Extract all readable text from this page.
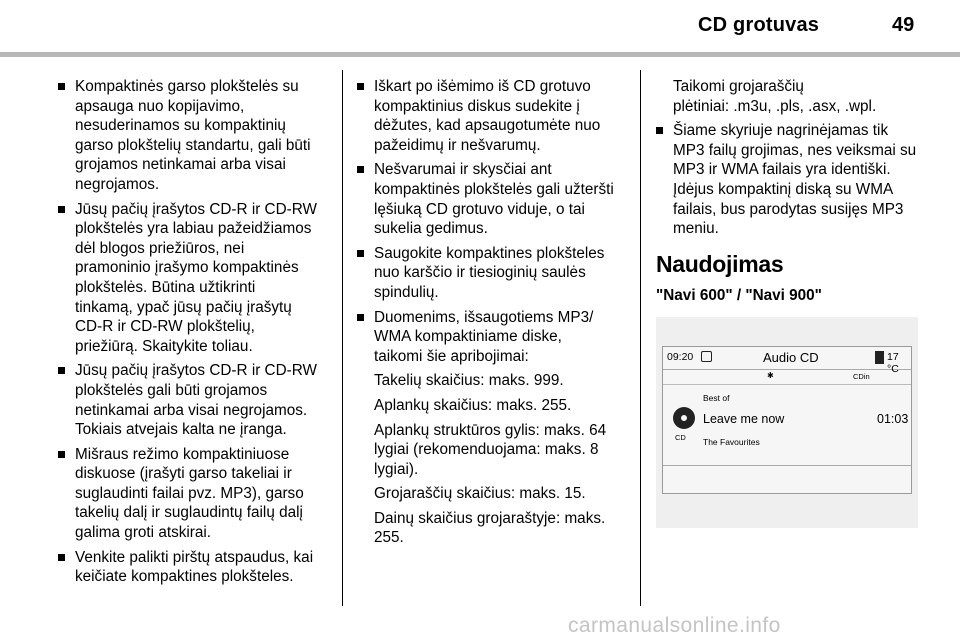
CD grotuvas	49
Kompaktinės garso plokštelės su
apsauga nuo kopijavimo,
nesuderinamos su kompaktinių
garso plokštelių standartu, gali būti
grojamos netinkamai arba visai
negrojamos.
Jūsų pačių įrašytos CD-R ir CD-RW
plokštelės yra labiau pažeidžiamos
dėl blogos priežiūros, nei
pramoninio įrašymo kompaktinės
plokštelės. Būtina užtikrinti
tinkamą, ypač jūsų pačių įrašytų
CD-R ir CD-RW plokštelių,
priežiūrą. Skaitykite toliau.
Jūsų pačių įrašytos CD-R ir CD-RW
plokštelės gali būti grojamos
netinkamai arba visai negrojamos.
Tokiais atvejais kalta ne įranga.
Mišraus režimo kompaktiniuose
diskuose (įrašyti garso takeliai ir
suglaudinti failai pvz. MP3), garso
takelių dalį ir suglaudintų failų dalį
galima groti atskirai.
Venkite palikti pirštų atspaudus, kai
keičiate kompaktines plokšteles.
Iškart po išėmimo iš CD grotuvo
kompaktinius diskus sudekite į
dėžutes, kad apsaugotumėte nuo
pažeidimų ir nešvarumų.
Nešvarumai ir skysčiai ant
kompaktinės plokštelės gali užteršti
lęšiuką CD grotuvo viduje, o tai
sukelia gedimus.
Saugokite kompaktines plokšteles
nuo karščio ir tiesioginių saulės
spindulių.
Duomenims, išsaugotiems MP3/
WMA kompaktiniame diske,
taikomi šie apribojimai:
Takelių skaičius: maks. 999.
Aplankų skaičius: maks. 255.
Aplankų struktūros gylis: maks. 64
lygiai (rekomenduojama: maks. 8
lygiai).
Grojaraščių skaičius: maks. 15.
Dainų skaičius grojaraštyje: maks.
255.
Taikomi grojaraščių
plėtiniai: .m3u, .pls, .asx, .wpl.
Šiame skyriuje nagrinėjamas tik
MP3 failų grojimas, nes veiksmai su
MP3 ir WMA failais yra identiški.
Įdėjus kompaktinį diską su WMA
failais, bus parodytas susijęs MP3
meniu.
Naudojimas
"Navi 600" / "Navi 900"
09:20	Audio CD	17 °C
✱	CDin
Best of
CD
Leave me now	01:03
The Favourites
carmanualsonline.info
